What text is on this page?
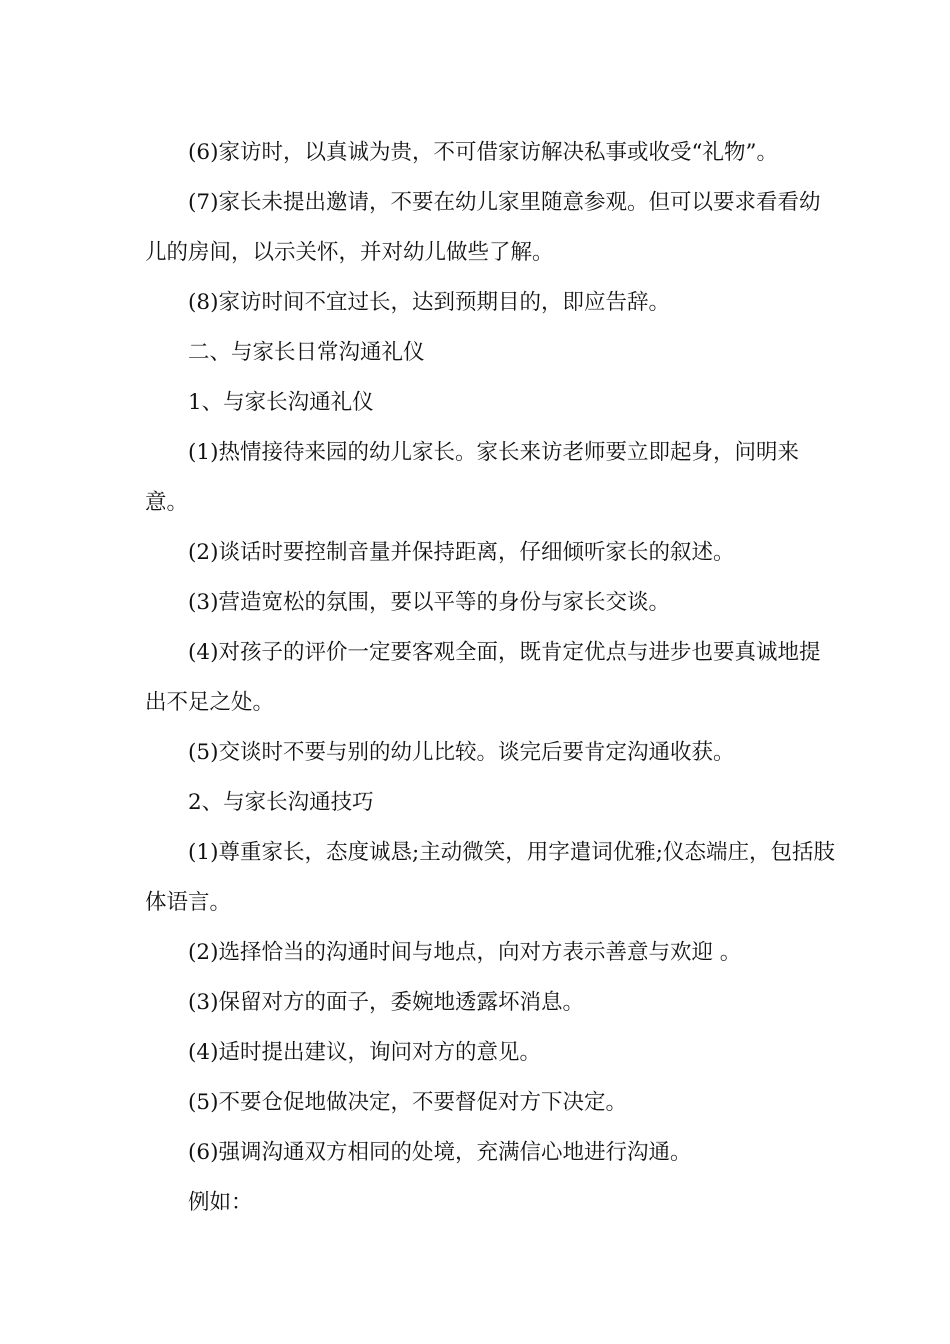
(6)家访时，以真诚为贵，不可借家访解决私事或收受“礼物”。

(7)家长未提出邀请，不要在幼儿家里随意参观。但可以要求看看幼儿的房间，以示关怀，并对幼儿做些了解。

(8)家访时间不宜过长，达到预期目的，即应告辞。

二、与家长日常沟通礼仪

1、与家长沟通礼仪

(1)热情接待来园的幼儿家长。家长来访老师要立即起身，问明来意。

(2)谈话时要控制音量并保持距离，仔细倾听家长的叙述。

(3)营造宽松的氛围，要以平等的身份与家长交谈。

(4)对孩子的评价一定要客观全面，既肯定优点与进步也要真诚地提出不足之处。

(5)交谈时不要与别的幼儿比较。谈完后要肯定沟通收获。

2、与家长沟通技巧

(1)尊重家长，态度诚恳;主动微笑，用字遣词优雅;仪态端庄，包括肢体语言。

(2)选择恰当的沟通时间与地点，向对方表示善意与欢迎 。

(3)保留对方的面子，委婉地透露坏消息。

(4)适时提出建议，询问对方的意见。

(5)不要仓促地做决定，不要督促对方下决定。

(6)强调沟通双方相同的处境，充满信心地进行沟通。

例如：
